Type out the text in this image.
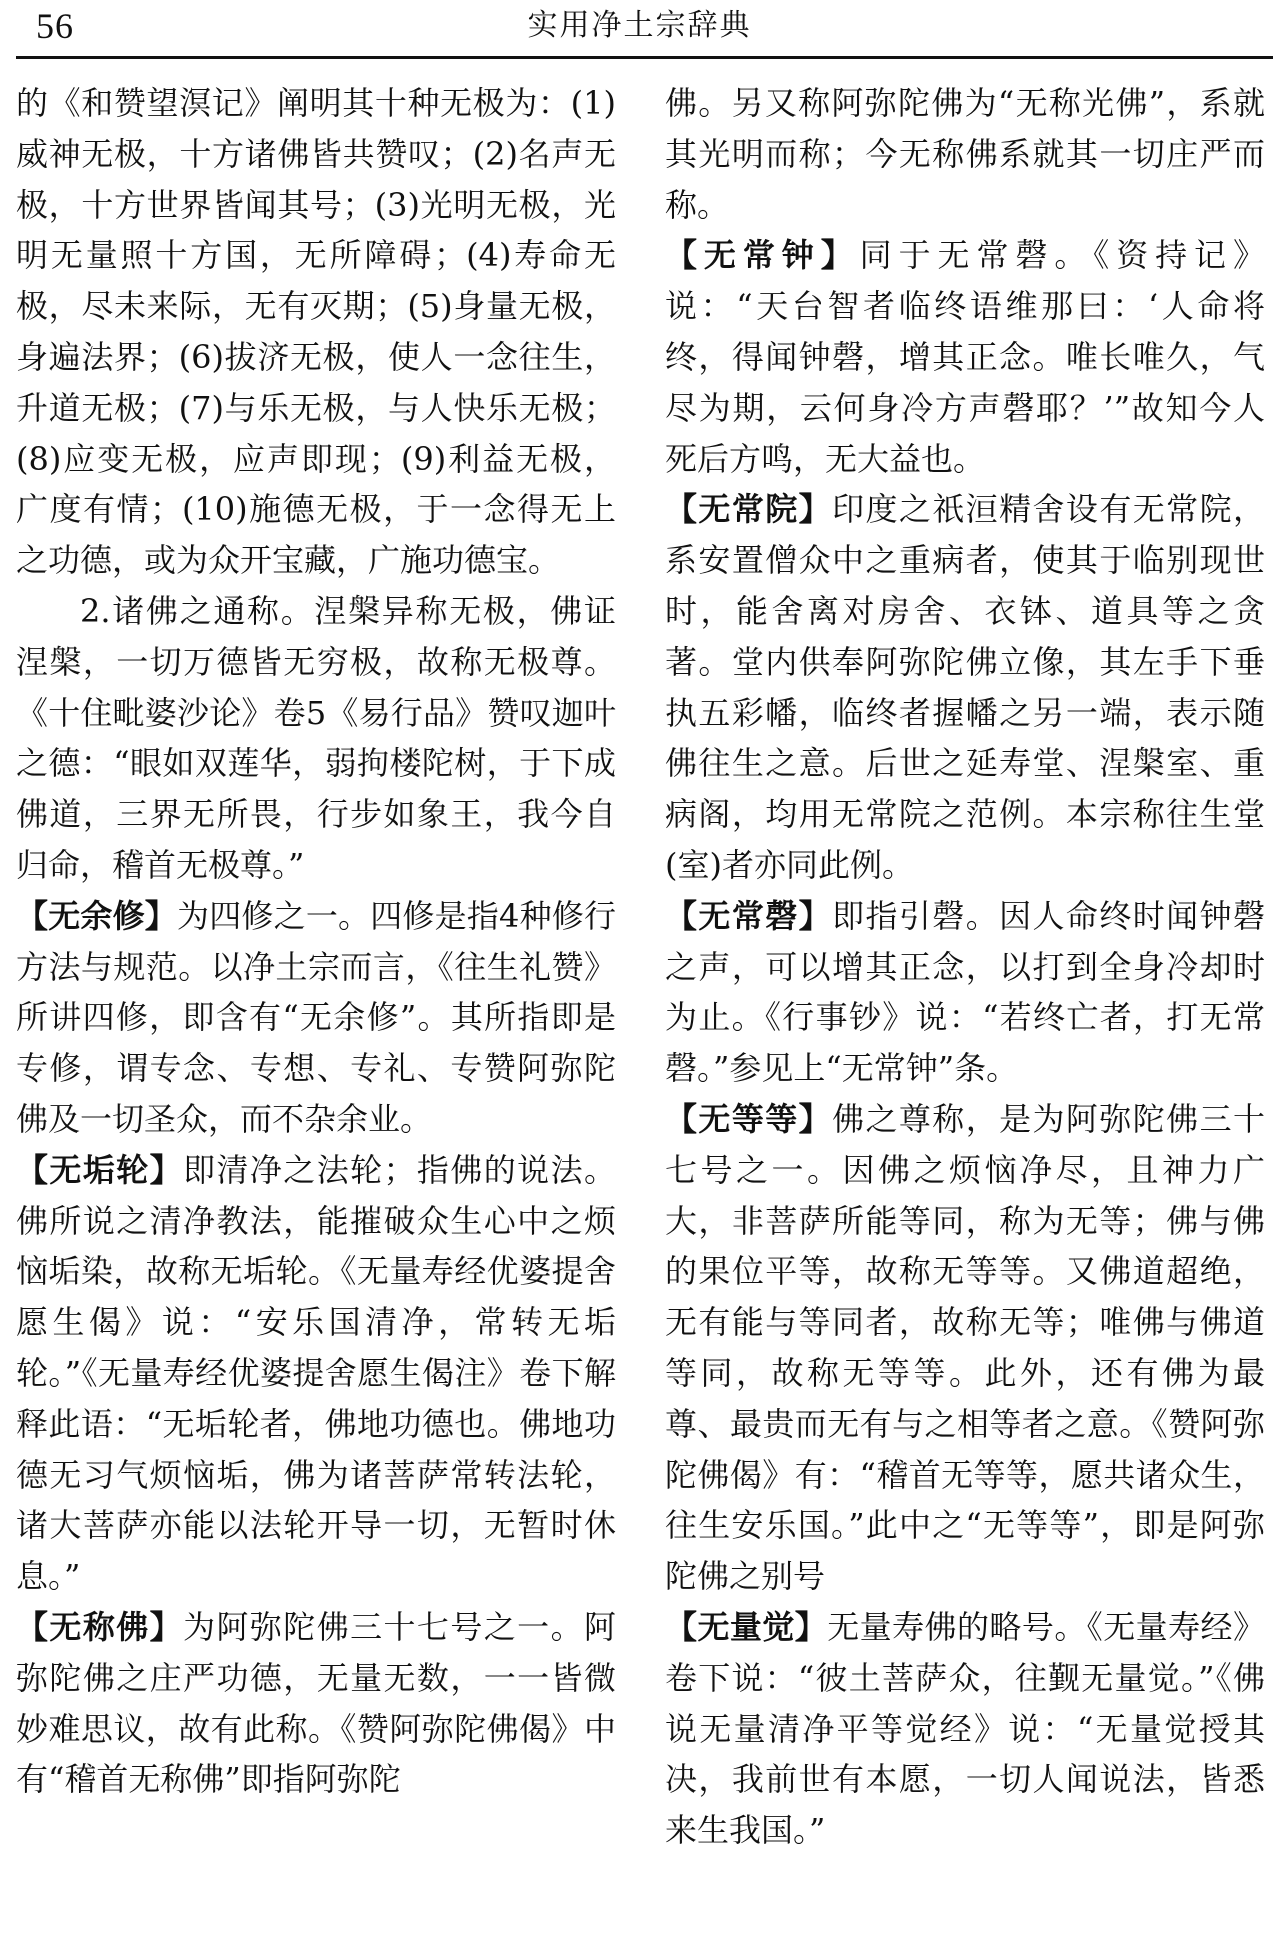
56	实用净土宗辞典

的《和赞望溟记》阐明其十种无极为：(1)威神无极，十方诸佛皆共赞叹；(2)名声无极，十方世界皆闻其号；(3)光明无极，光明无量照十方国，无所障碍；(4)寿命无极，尽未来际，无有灭期；(5)身量无极，身遍法界；(6)拔济无极，使人一念往生，升道无极；(7)与乐无极，与人快乐无极；(8)应变无极，应声即现；(9)利益无极，广度有情；(10)施德无极，于一念得无上之功德，或为众开宝藏，广施功德宝。

2.诸佛之通称。涅槃异称无极，佛证涅槃，一切万德皆无穷极，故称无极尊。《十住毗婆沙论》卷5《易行品》赞叹迦叶之德：“眼如双莲华，弱拘楼陀树，于下成佛道，三界无所畏，行步如象王，我今自归命，稽首无极尊。”

【无余修】为四修之一。四修是指4种修行方法与规范。以净土宗而言，《往生礼赞》所讲四修，即含有“无余修”。其所指即是专修，谓专念、专想、专礼、专赞阿弥陀佛及一切圣众，而不杂余业。

【无垢轮】即清净之法轮；指佛的说法。佛所说之清净教法，能摧破众生心中之烦恼垢染，故称无垢轮。《无量寿经优婆提舍愿生偈》说：“安乐国清净，常转无垢轮。”《无量寿经优婆提舍愿生偈注》卷下解释此语：“无垢轮者，佛地功德也。佛地功德无习气烦恼垢，佛为诸菩萨常转法轮，诸大菩萨亦能以法轮开导一切，无暂时休息。”

【无称佛】为阿弥陀佛三十七号之一。阿弥陀佛之庄严功德，无量无数，一一皆微妙难思议，故有此称。《赞阿弥陀佛偈》中有“稽首无称佛”即指阿弥陀

佛。另又称阿弥陀佛为“无称光佛”，系就其光明而称；今无称佛系就其一切庄严而称。

【无常钟】同于无常磬。《资持记》说：“天台智者临终语维那曰：‘人命将终，得闻钟磬，增其正念。唯长唯久，气尽为期，云何身冷方声磬耶？’”故知今人死后方鸣，无大益也。

【无常院】印度之祇洹精舍设有无常院，系安置僧众中之重病者，使其于临别现世时，能舍离对房舍、衣钵、道具等之贪著。堂内供奉阿弥陀佛立像，其左手下垂执五彩幡，临终者握幡之另一端，表示随佛往生之意。后世之延寿堂、涅槃室、重病阁，均用无常院之范例。本宗称往生堂(室)者亦同此例。

【无常磬】即指引磬。因人命终时闻钟磬之声，可以增其正念，以打到全身冷却时为止。《行事钞》说：“若终亡者，打无常磬。”参见上“无常钟”条。

【无等等】佛之尊称，是为阿弥陀佛三十七号之一。因佛之烦恼净尽，且神力广大，非菩萨所能等同，称为无等；佛与佛的果位平等，故称无等等。又佛道超绝，无有能与等同者，故称无等；唯佛与佛道等同，故称无等等。此外，还有佛为最尊、最贵而无有与之相等者之意。《赞阿弥陀佛偈》有：“稽首无等等，愿共诸众生，往生安乐国。”此中之“无等等”，即是阿弥陀佛之别号

【无量觉】无量寿佛的略号。《无量寿经》卷下说：“彼土菩萨众，往觐无量觉。”《佛说无量清净平等觉经》说：“无量觉授其决，我前世有本愿，一切人闻说法，皆悉来生我国。”
